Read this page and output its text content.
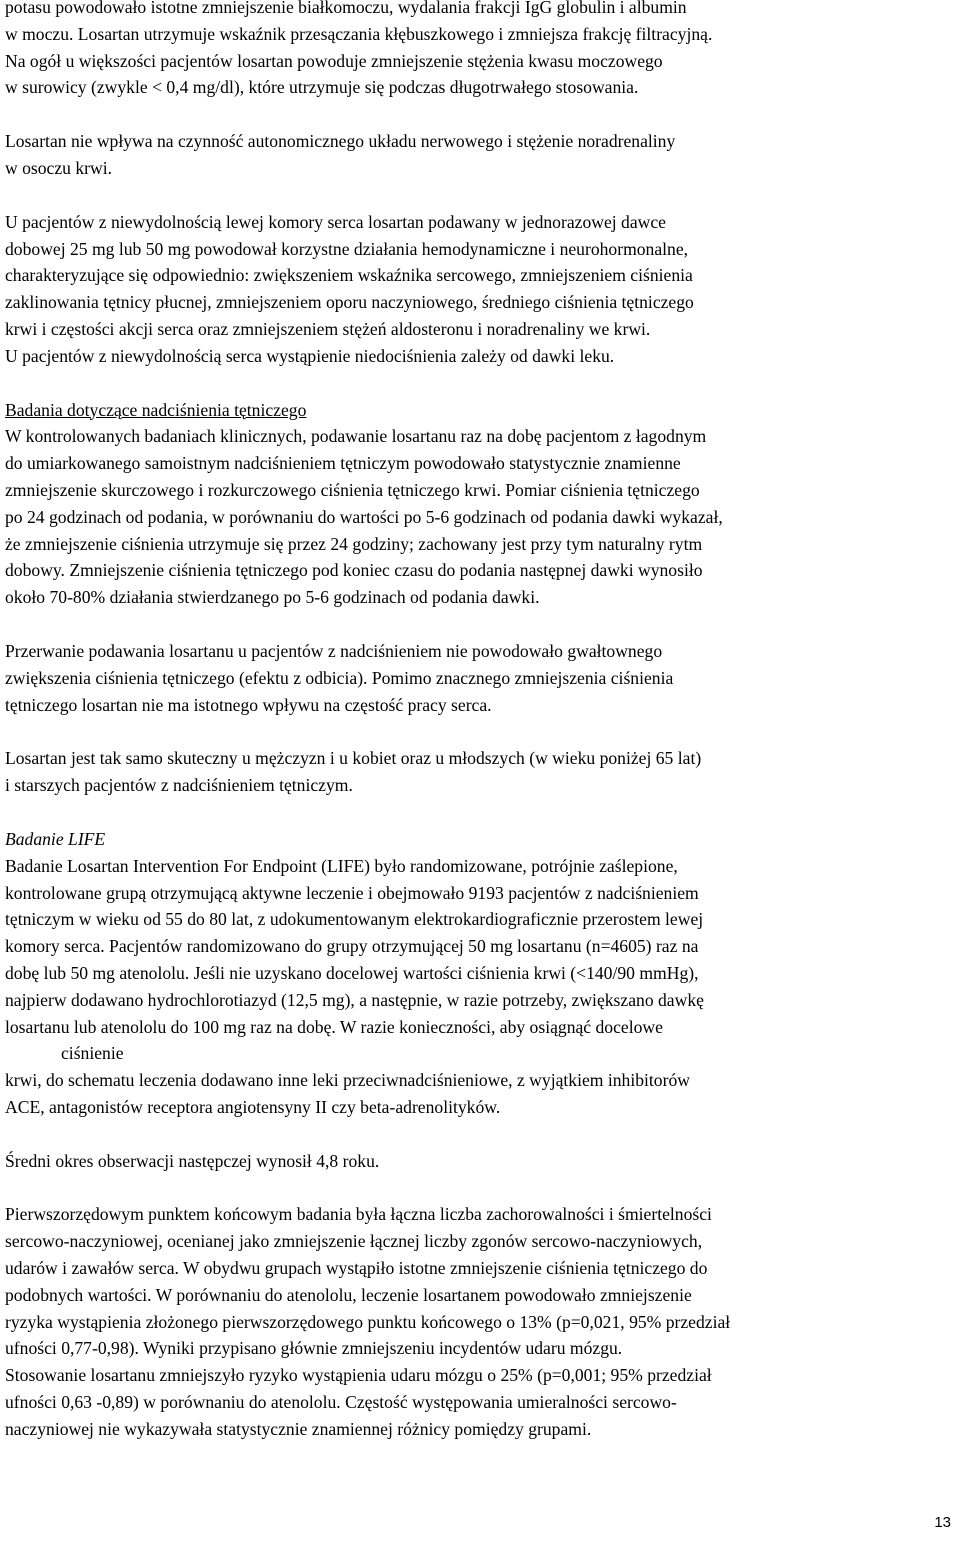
potasu powodowało istotne zmniejszenie białkomoczu, wydalania frakcji IgG globulin i albumin
w moczu. Losartan utrzymuje wskaźnik przesączania kłębuszkowego i zmniejsza frakcję filtracyjną.
Na ogół u większości pacjentów losartan powoduje zmniejszenie stężenia kwasu moczowego
w surowicy (zwykle < 0,4 mg/dl), które utrzymuje się podczas długotrwałego stosowania.
Losartan nie wpływa na czynność autonomicznego układu nerwowego i stężenie noradrenaliny
w osoczu krwi.
U pacjentów z niewydolnością lewej komory serca losartan podawany w jednorazowej dawce
dobowej 25 mg lub 50 mg powodował korzystne działania hemodynamiczne i neurohormonalne,
charakteryzujące się odpowiednio: zwiększeniem wskaźnika sercowego, zmniejszeniem ciśnienia
zaklinowania tętnicy płucnej, zmniejszeniem oporu naczyniowego, średniego ciśnienia tętniczego
krwi i częstości akcji serca oraz zmniejszeniem stężeń aldosteronu i noradrenaliny we krwi.
U pacjentów z niewydolnością serca wystąpienie niedociśnienia zależy od dawki leku.
Badania dotyczące nadciśnienia tętniczego
W kontrolowanych badaniach klinicznych, podawanie losartanu raz na dobę pacjentom z łagodnym
do umiarkowanego samoistnym nadciśnieniem tętniczym powodowało statystycznie znamienne
zmniejszenie skurczowego i rozkurczowego ciśnienia tętniczego krwi. Pomiar ciśnienia tętniczego
po 24 godzinach od podania, w porównaniu do wartości po 5-6 godzinach od podania dawki wykazał,
że zmniejszenie ciśnienia utrzymuje się przez 24 godziny; zachowany jest przy tym naturalny rytm
dobowy. Zmniejszenie ciśnienia tętniczego pod koniec czasu do podania następnej dawki wynosiło
około 70-80% działania stwierdzanego po 5-6 godzinach od podania dawki.
Przerwanie podawania losartanu u pacjentów z nadciśnieniem nie powodowało gwałtownego
zwiększenia ciśnienia tętniczego (efektu z odbicia). Pomimo znacznego zmniejszenia ciśnienia
tętniczego losartan nie ma istotnego wpływu na częstość pracy serca.
Losartan jest tak samo skuteczny u mężczyzn i u kobiet oraz u młodszych (w wieku poniżej 65 lat)
i starszych pacjentów z nadciśnieniem tętniczym.
Badanie LIFE
Badanie Losartan Intervention For Endpoint (LIFE) było randomizowane, potrójnie zaślepione,
kontrolowane grupą otrzymującą aktywne leczenie i obejmowało 9193 pacjentów z nadciśnieniem
tętniczym w wieku od 55 do 80 lat, z udokumentowanym elektrokardiograficznie przerostem lewej
komory serca. Pacjentów randomizowano do grupy otrzymującej 50 mg losartanu (n=4605) raz na
dobę lub 50 mg atenololu. Jeśli nie uzyskano docelowej wartości ciśnienia krwi (<140/90 mmHg),
najpierw dodawano hydrochlorotiazyd (12,5 mg), a następnie, w razie potrzeby, zwiększano dawkę
losartanu lub atenololu do 100 mg raz na dobę. W razie konieczności, aby osiągnąć docelowe
ciśnienie
krwi, do schematu leczenia dodawano inne leki przeciwnadciśnieniowe, z wyjątkiem inhibitorów
ACE, antagonistów receptora angiotensyny II czy beta-adrenolityków.
Średni okres obserwacji następczej wynosił 4,8 roku.
Pierwszorzędowym punktem końcowym badania była łączna liczba zachorowalności i śmiertelności
sercowo-naczyniowej, ocenianej jako zmniejszenie łącznej liczby zgonów sercowo-naczyniowych,
udarów i zawałów serca. W obydwu grupach wystąpiło istotne zmniejszenie ciśnienia tętniczego do
podobnych wartości. W porównaniu do atenololu, leczenie losartanem powodowało zmniejszenie
ryzyka wystąpienia złożonego pierwszorzędowego punktu końcowego o 13% (p=0,021, 95% przedział
ufności 0,77-0,98). Wyniki przypisano głównie zmniejszeniu incydentów udaru mózgu.
Stosowanie losartanu zmniejszyło ryzyko wystąpienia udaru mózgu o 25% (p=0,001; 95% przedział
ufności 0,63 -0,89) w porównaniu do atenololu. Częstość występowania umieralności sercowo-
naczyniowej nie wykazywała statystycznie znamiennej różnicy pomiędzy grupami.
13
